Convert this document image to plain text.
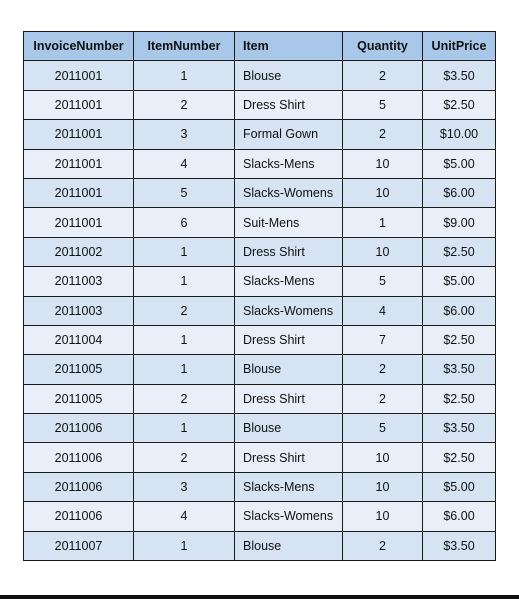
InvoiceNumber	ItemNumber	Item	Quantity	UnitPrice
2011001	1	Blouse	2	$3.50
2011001	2	Dress Shirt	5	$2.50
2011001	3	Formal Gown	2	$10.00
2011001	4	Slacks-Mens	10	$5.00
2011001	5	Slacks-Womens	10	$6.00
2011001	6	Suit-Mens	1	$9.00
2011002	1	Dress Shirt	10	$2.50
2011003	1	Slacks-Mens	5	$5.00
2011003	2	Slacks-Womens	4	$6.00
2011004	1	Dress Shirt	7	$2.50
2011005	1	Blouse	2	$3.50
2011005	2	Dress Shirt	2	$2.50
2011006	1	Blouse	5	$3.50
2011006	2	Dress Shirt	10	$2.50
2011006	3	Slacks-Mens	10	$5.00
2011006	4	Slacks-Womens	10	$6.00
2011007	1	Blouse	2	$3.50
